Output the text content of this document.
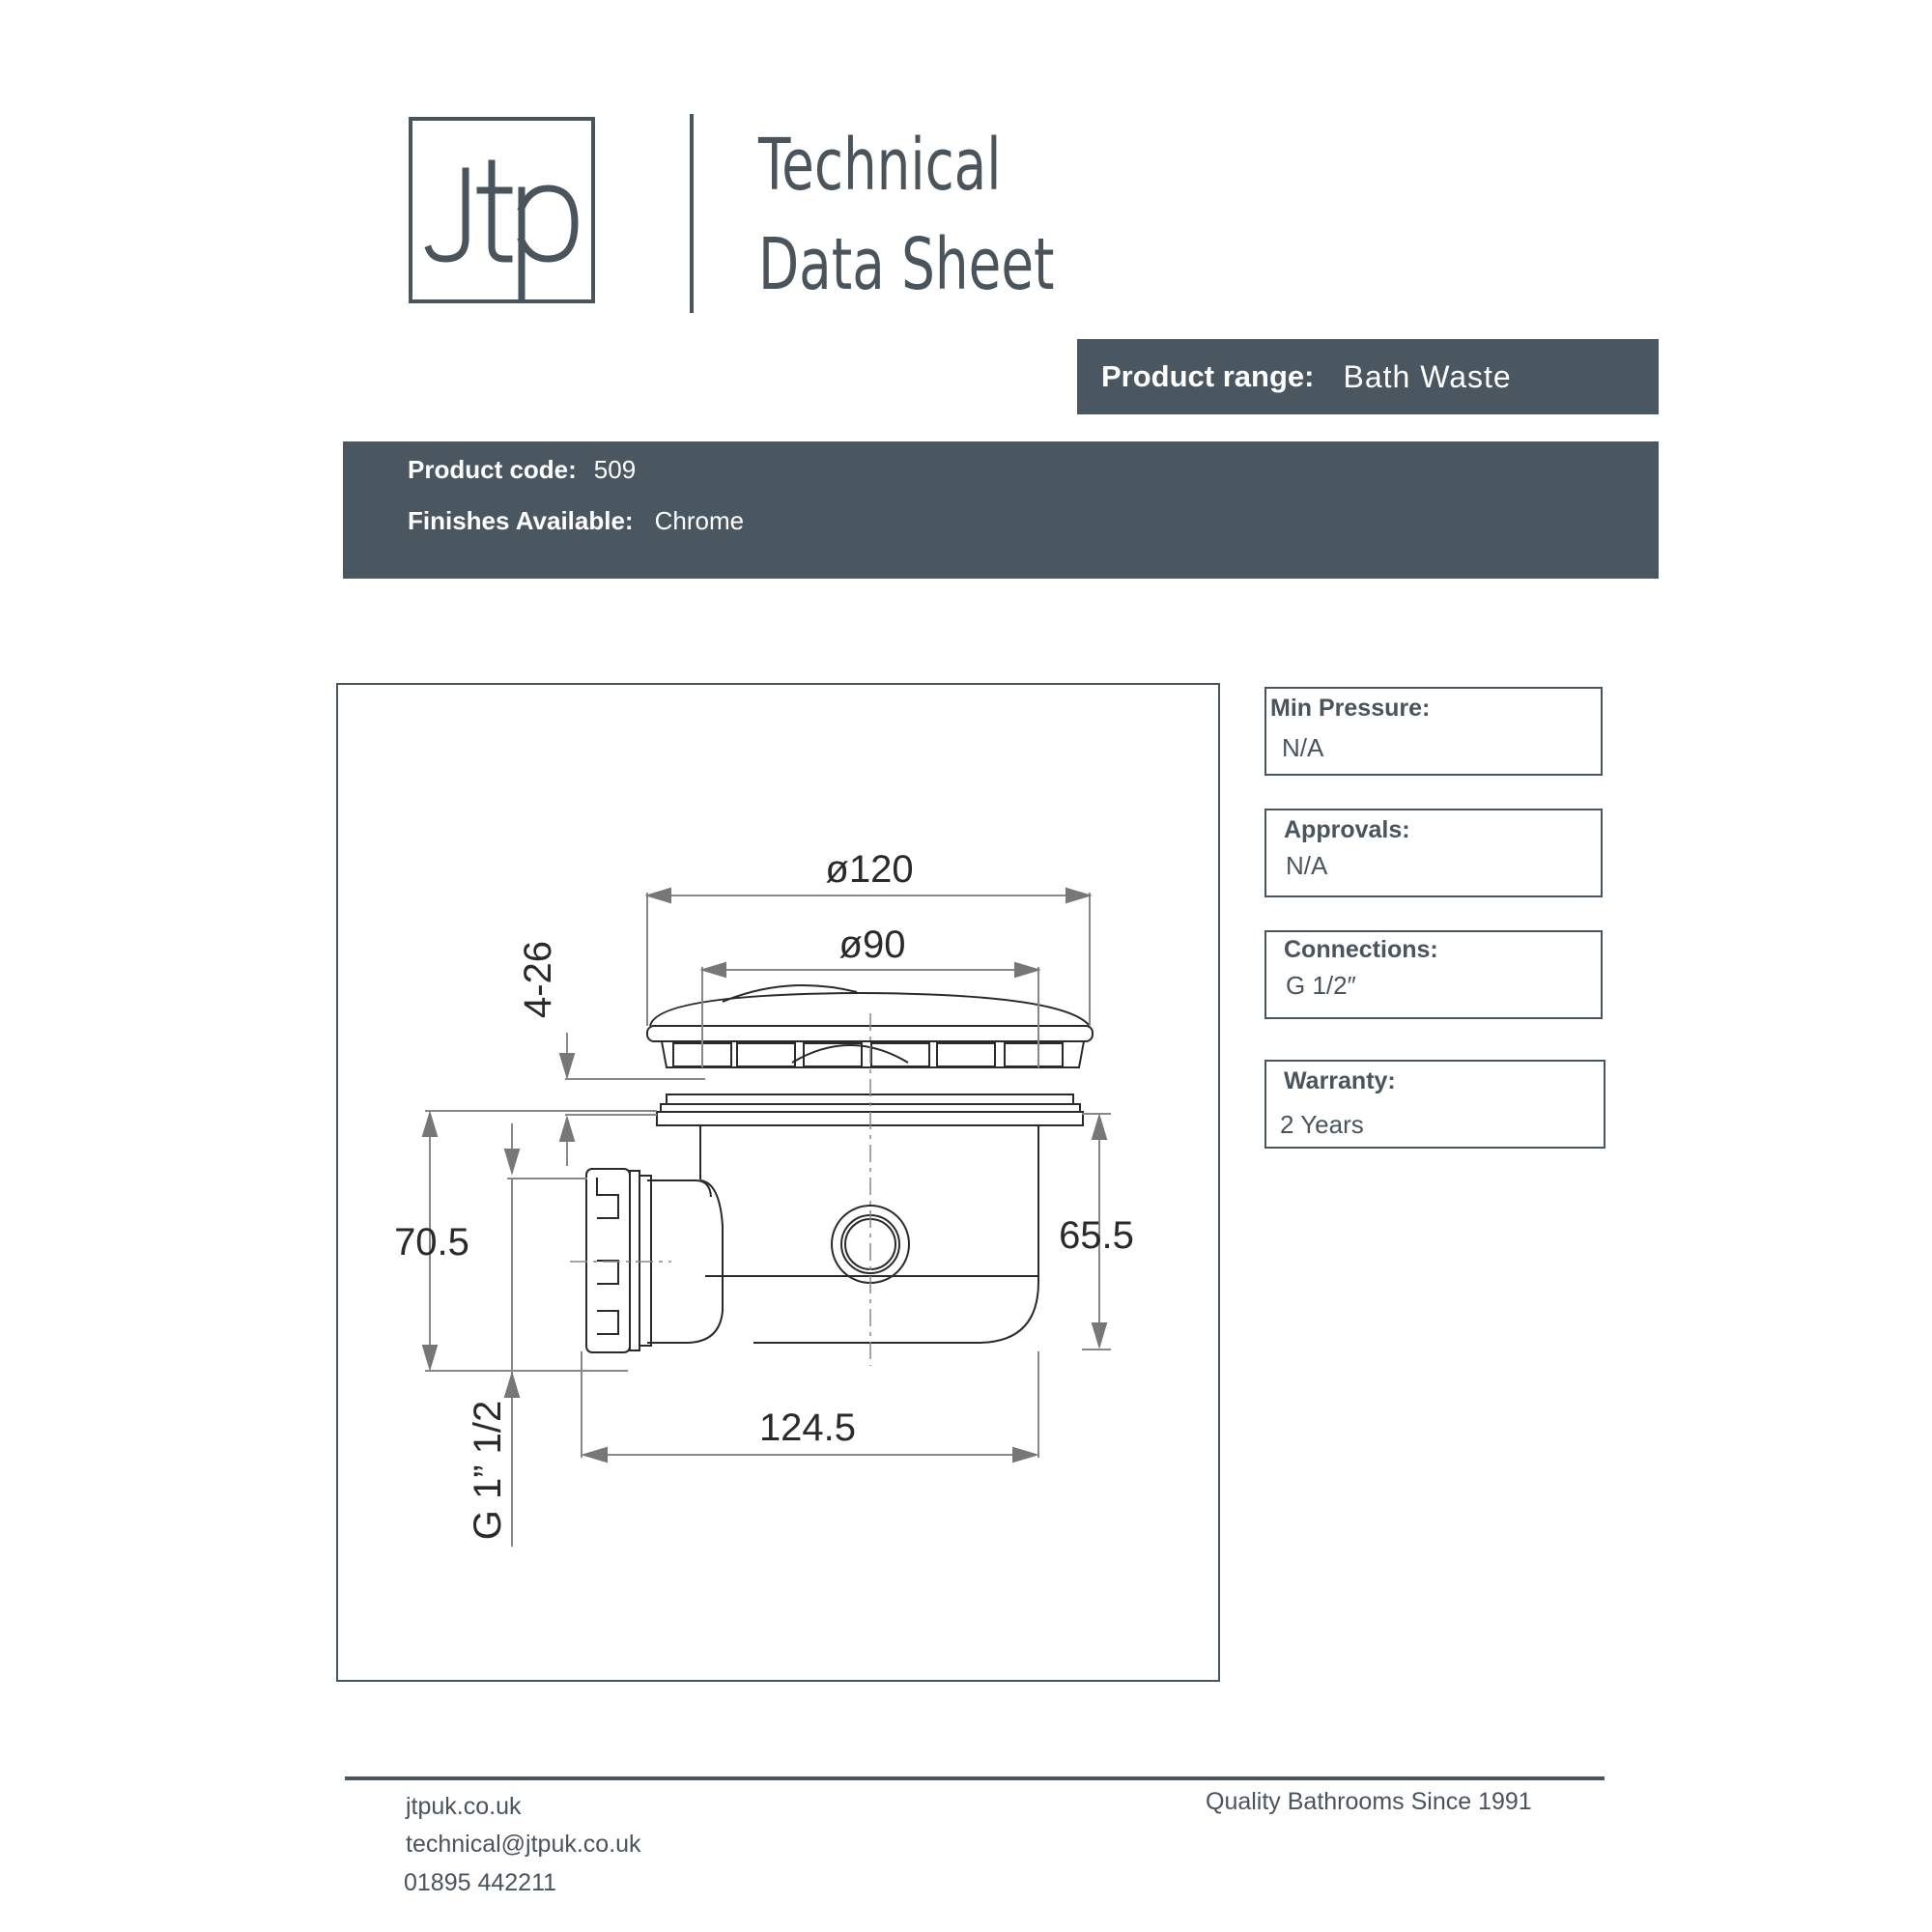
Technical
Data Sheet
Product range: Bath Waste
Product code: 509
Finishes Available: Chrome
ø120
ø90
4-26
70.5	65.5
124.5
G 1” 1/2
Min Pressure:
N/A
Approvals:
N/A
Connections:
G 1/2″
Warranty:
2 Years
jtpuk.co.uk
technical@jtpuk.co.uk
01895 442211
Quality Bathrooms Since 1991
